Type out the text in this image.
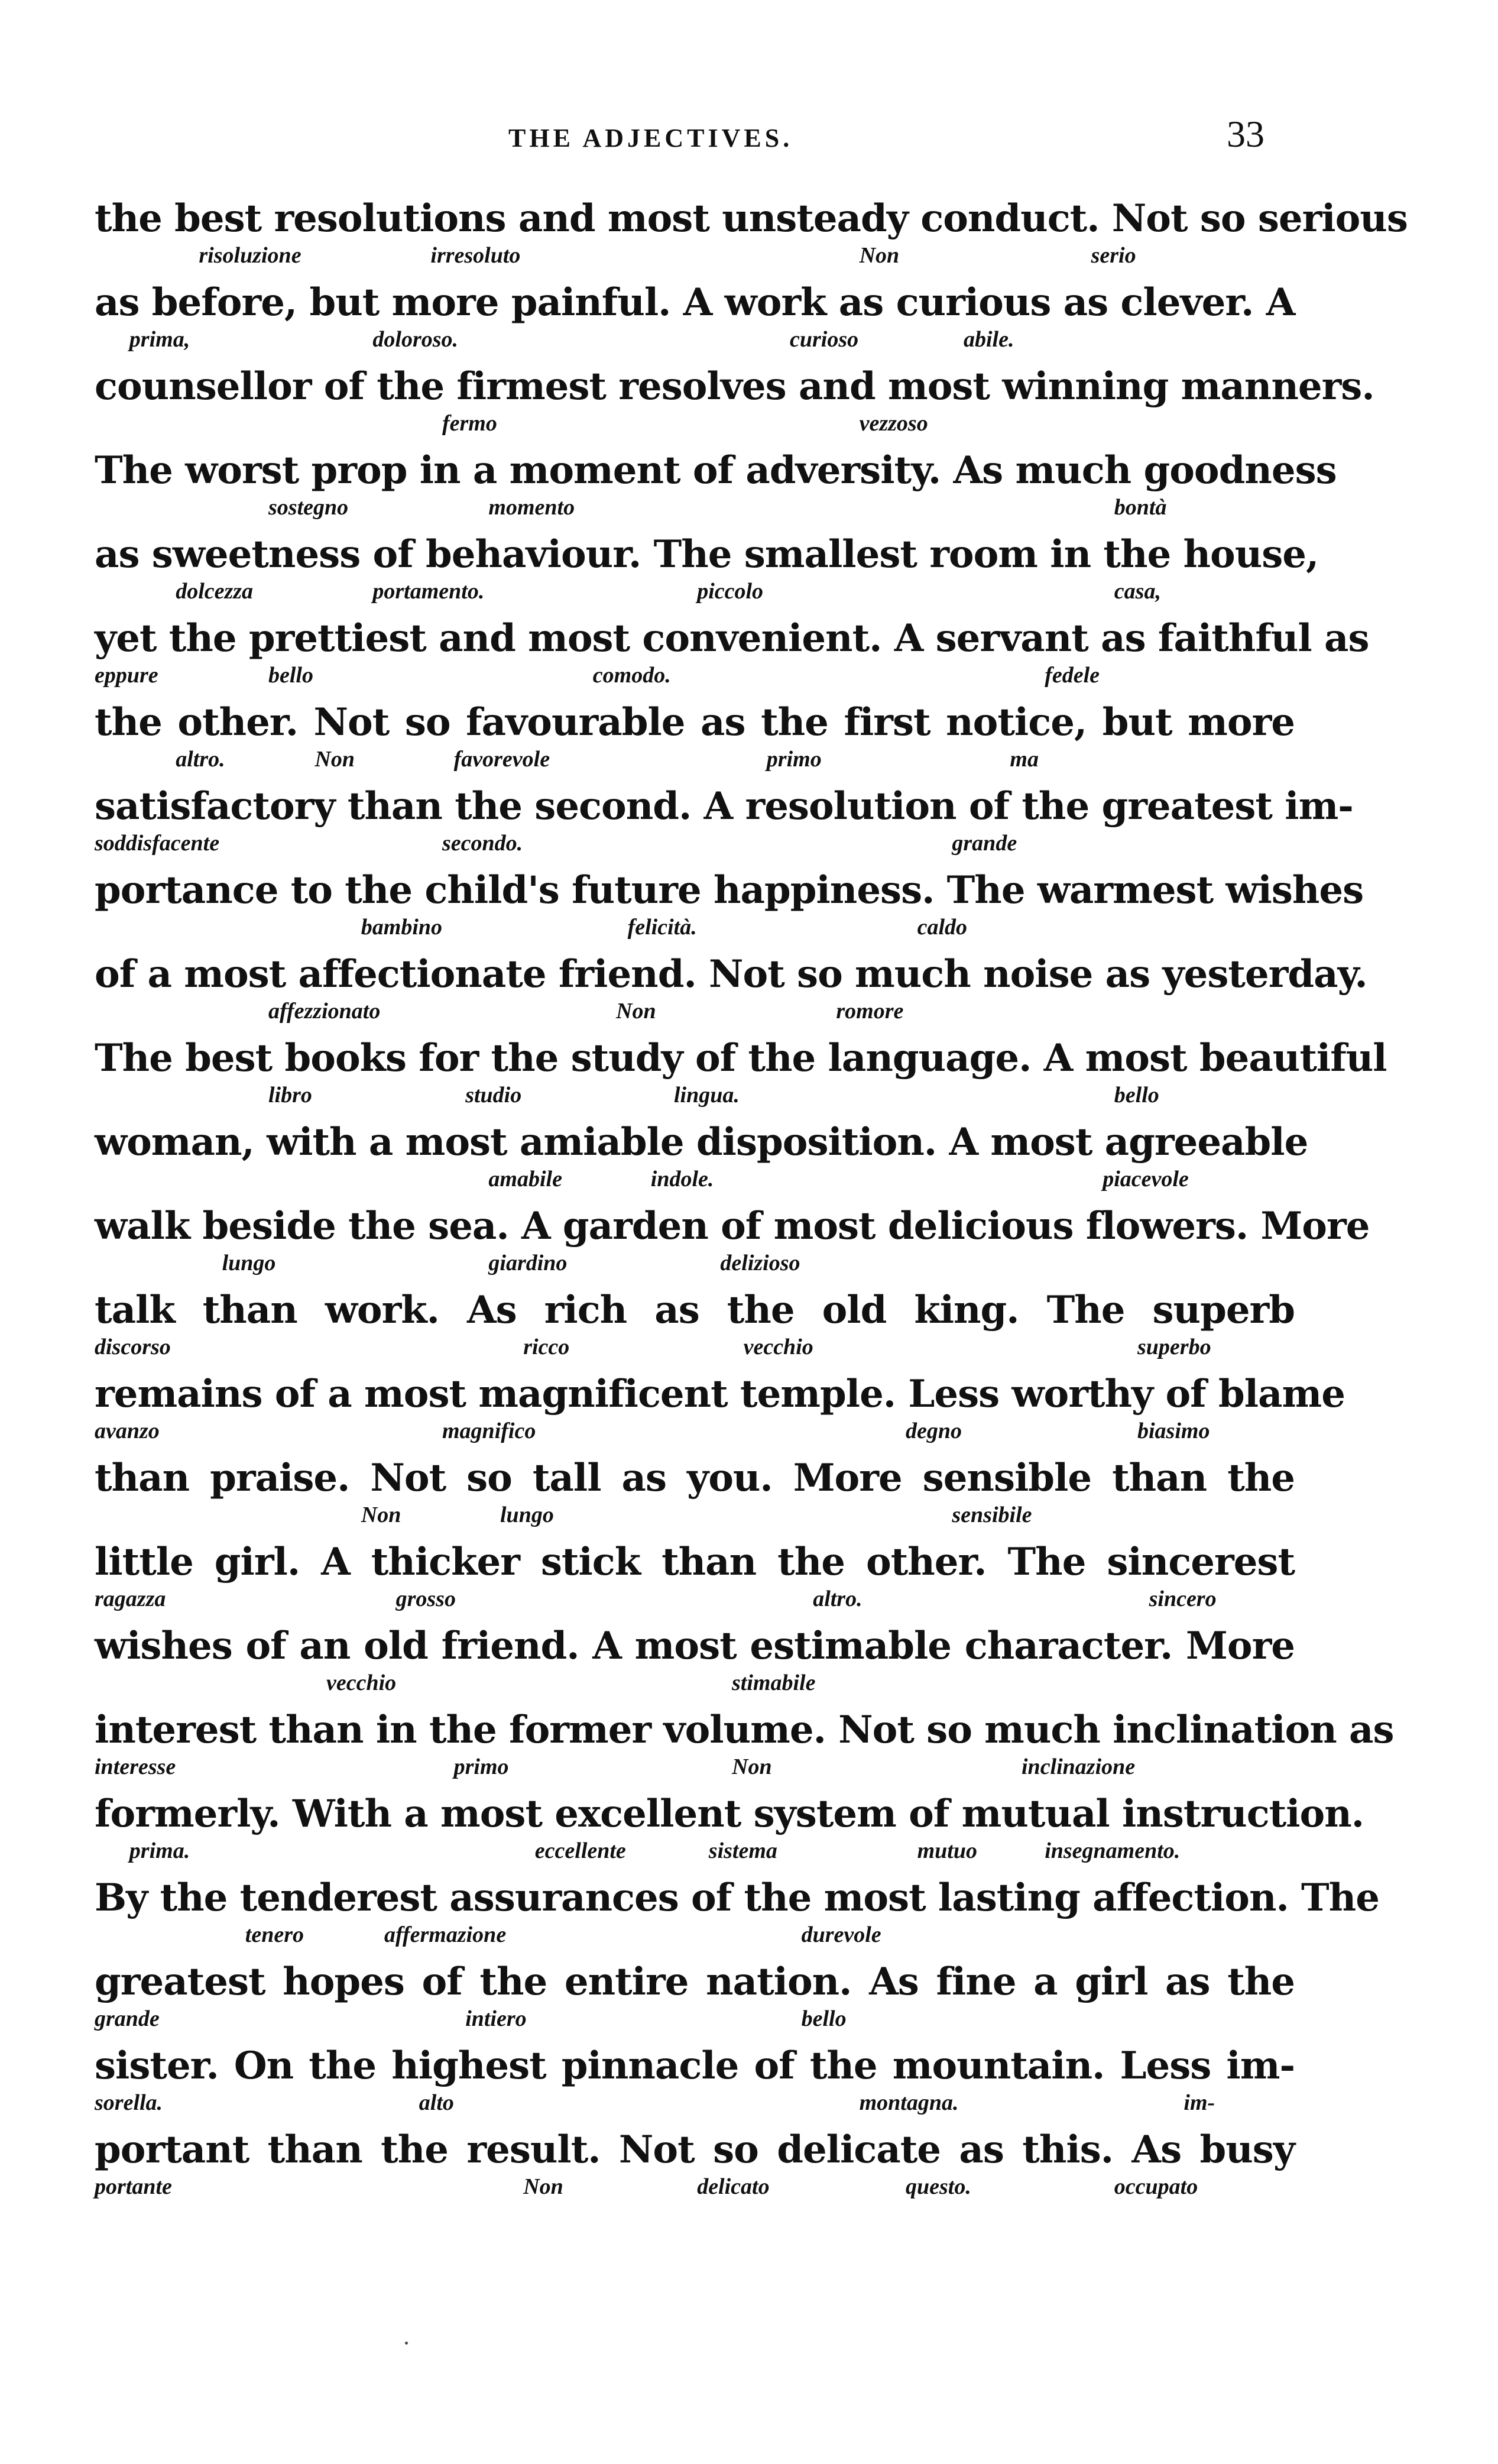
THE ADJECTIVES.	33
the best resolutions and most unsteady conduct. Not so serious
risoluzione	irresoluto	Non	serio
as before, but more painful. A work as curious as clever. A
prima,	doloroso.	curioso	abile.
counsellor of the firmest resolves and most winning manners.
fermo	vezzoso
The worst prop in a moment of adversity. As much goodness
sostegno	momento	bontà
as sweetness of behaviour. The smallest room in the house,
dolcezza	portamento.	piccolo	casa,
yet the prettiest and most convenient. A servant as faithful as
eppure	bello	comodo.	fedele
the other. Not so favourable as the first notice, but more
altro.	Non	favorevole	primo	ma
satisfactory than the second. A resolution of the greatest im-
soddisfacente	secondo.	grande
portance to the child's future happiness. The warmest wishes
bambino	felicità.	caldo
of a most affectionate friend. Not so much noise as yesterday.
affezzionato	Non	romore
The best books for the study of the language. A most beautiful
libro	studio	lingua.	bello
woman, with a most amiable disposition. A most agreeable
amabile	indole.	piacevole
walk beside the sea. A garden of most delicious flowers. More
lungo	giardino	delizioso
talk than work. As rich as the old king. The superb
discorso	ricco	vecchio	superbo
remains of a most magnificent temple. Less worthy of blame
avanzo	magnifico	degno	biasimo
than praise. Not so tall as you. More sensible than the
Non	lungo	sensibile
little girl. A thicker stick than the other. The sincerest
ragazza	grosso	altro.	sincero
wishes of an old friend. A most estimable character. More
vecchio	stimabile
interest than in the former volume. Not so much inclination as
interesse	primo	Non	inclinazione
formerly. With a most excellent system of mutual instruction.
prima.	eccellente	sistema	mutuo	insegnamento.
By the tenderest assurances of the most lasting affection. The
tenero	affermazione	durevole
greatest hopes of the entire nation. As fine a girl as the
grande	intiero	bello
sister. On the highest pinnacle of the mountain. Less im-
sorella.	alto	montagna.	im-
portant than the result. Not so delicate as this. As busy
portante	Non	delicato	questo.	occupato
